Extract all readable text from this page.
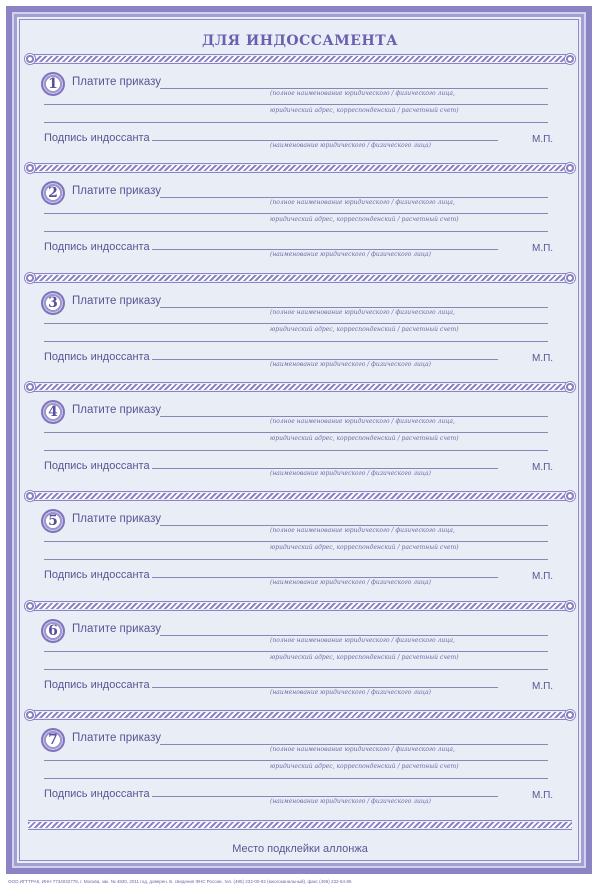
ДЛЯ ИНДОССАМЕНТА
1	Платите приказу
(полное наименование юридического / физического лица,
юридический адрес, корреспонденский / расчетный счет)
Подпись индоссанта
(наименование юридического / физического лица)
М.П.
2	Платите приказу
(полное наименование юридического / физического лица,
юридический адрес, корреспонденский / расчетный счет)
Подпись индоссанта
(наименование юридического / физического лица)
М.П.
3	Платите приказу
(полное наименование юридического / физического лица,
юридический адрес, корреспонденский / расчетный счет)
Подпись индоссанта
(наименование юридического / физического лица)
М.П.
4	Платите приказу
(полное наименование юридического / физического лица,
юридический адрес, корреспонденский / расчетный счет)
Подпись индоссанта
(наименование юридического / физического лица)
М.П.
5	Платите приказу
(полное наименование юридического / физического лица,
юридический адрес, корреспонденский / расчетный счет)
Подпись индоссанта
(наименование юридического / физического лица)
М.П.
6	Платите приказу
(полное наименование юридического / физического лица,
юридический адрес, корреспонденский / расчетный счет)
Подпись индоссанта
(наименование юридического / физического лица)
М.П.
7	Платите приказу
(полное наименование юридического / физического лица,
юридический адрес, корреспонденский / расчетный счет)
Подпись индоссанта
(наименование юридического / физического лица)
М.П.
Место подклейки аллонжа
ООО ИГТТРАК, ИНН 7734032778, г. Москва, зак. № 4830, 2011 год, доверен. Б. сведения ФНС России, тел. (495) 232-00-82 (многоканальный), факс (495) 232-64-86
